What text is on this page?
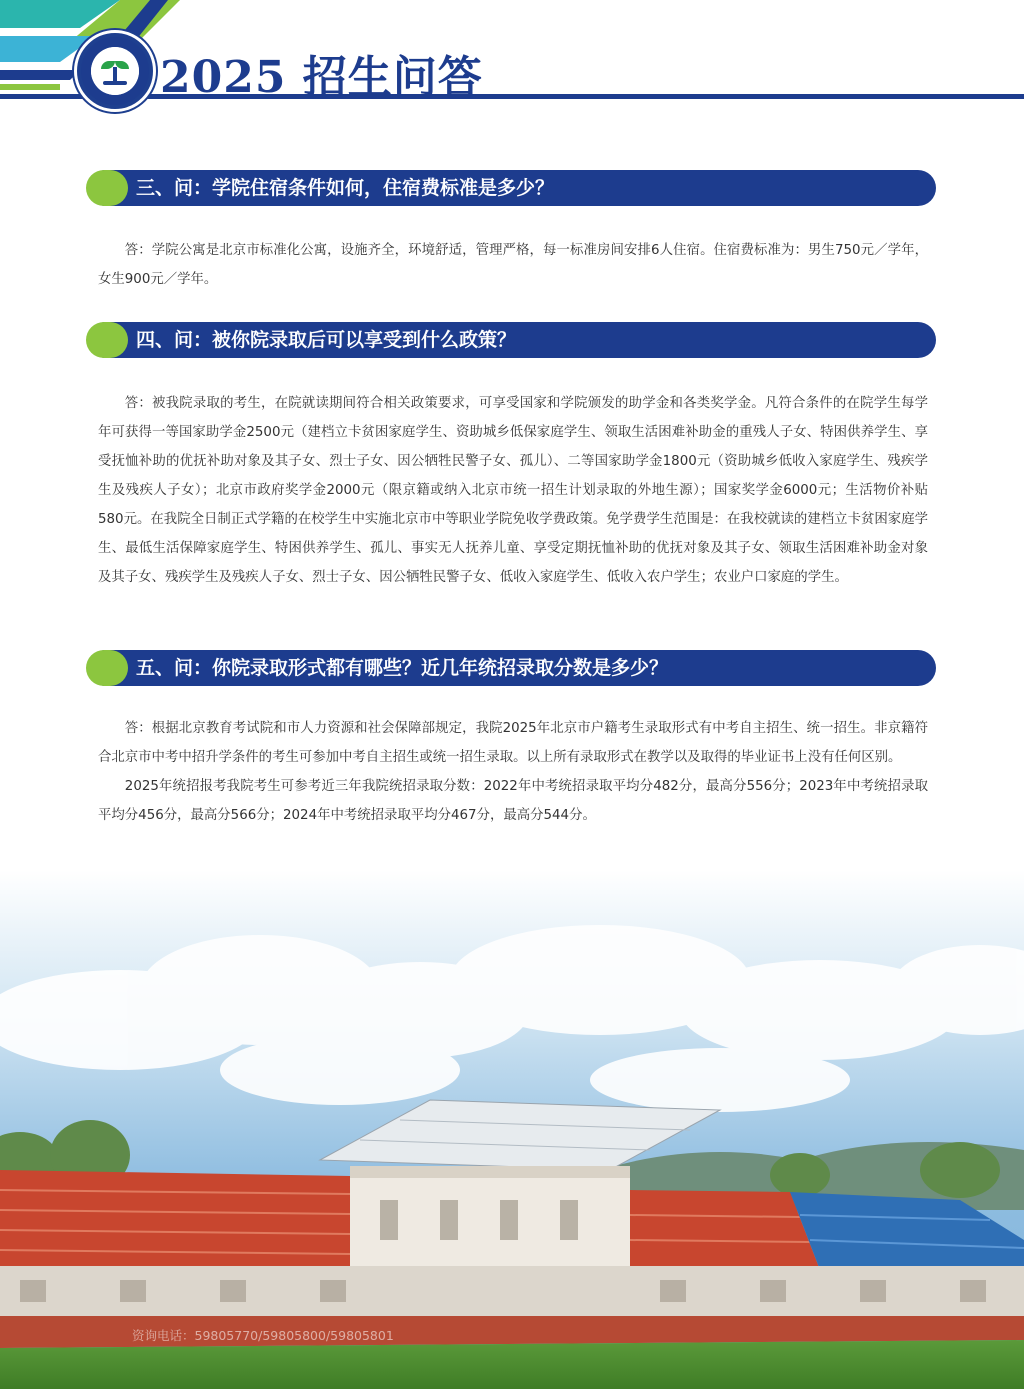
2025 招生问答
三、问：学院住宿条件如何，住宿费标准是多少？

答：学院公寓是北京市标准化公寓，设施齐全，环境舒适，管理严格，每一标准房间安排6人住宿。住宿费标准为：男生750元／学年，女生900元／学年。

四、问：被你院录取后可以享受到什么政策？

答：被我院录取的考生，在院就读期间符合相关政策要求，可享受国家和学院颁发的助学金和各类奖学金。凡符合条件的在院学生每学年可获得一等国家助学金2500元（建档立卡贫困家庭学生、资助城乡低保家庭学生、领取生活困难补助金的重残人子女、特困供养学生、享受抚恤补助的优抚补助对象及其子女、烈士子女、因公牺牲民警子女、孤儿）、二等国家助学金1800元（资助城乡低收入家庭学生、残疾学生及残疾人子女）；北京市政府奖学金2000元（限京籍或纳入北京市统一招生计划录取的外地生源）；国家奖学金6000元；生活物价补贴580元。在我院全日制正式学籍的在校学生中实施北京市中等职业学院免收学费政策。免学费学生范围是：在我校就读的建档立卡贫困家庭学生、最低生活保障家庭学生、特困供养学生、孤儿、事实无人抚养儿童、享受定期抚恤补助的优抚对象及其子女、领取生活困难补助金对象及其子女、残疾学生及残疾人子女、烈士子女、因公牺牲民警子女、低收入家庭学生、低收入农户学生；农业户口家庭的学生。

五、问：你院录取形式都有哪些？近几年统招录取分数是多少？

答：根据北京教育考试院和市人力资源和社会保障部规定，我院2025年北京市户籍考生录取形式有中考自主招生、统一招生。非京籍符合北京市中考中招升学条件的考生可参加中考自主招生或统一招生录取。以上所有录取形式在教学以及取得的毕业证书上没有任何区别。

2025年统招报考我院考生可参考近三年我院统招录取分数：2022年中考统招录取平均分482分，最高分556分；2023年中考统招录取平均分456分，最高分566分；2024年中考统招录取平均分467分，最高分544分。

资询电话：59805770/59805800/59805801
